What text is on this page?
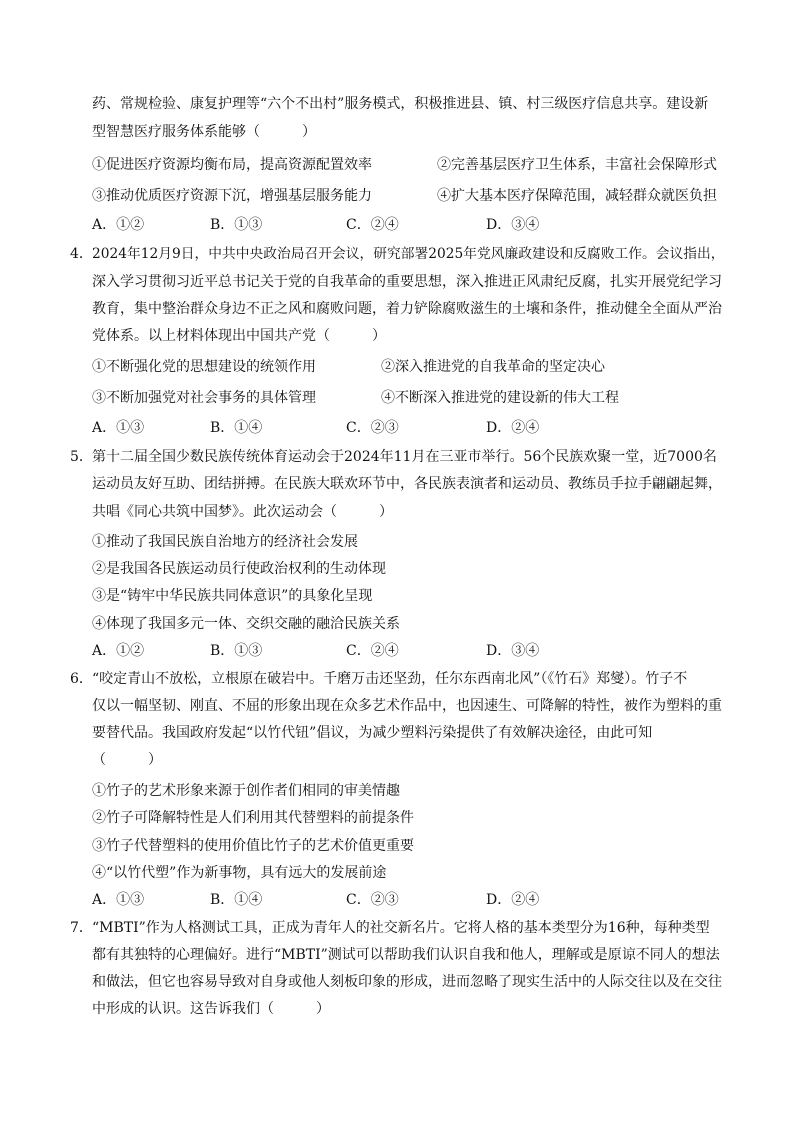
药、常规检验、康复护理等“六个不出村”服务模式，积极推进县、镇、村三级医疗信息共享。建设新
型智慧医疗服务体系能够（　　　）
①促进医疗资源均衡布局，提高资源配置效率	②完善基层医疗卫生体系，丰富社会保障形式
③推动优质医疗资源下沉，增强基层服务能力	④扩大基本医疗保障范围，减轻群众就医负担
A．①②	B．①③	C．②④	D．③④
4． 2024年12月9日，中共中央政治局召开会议，研究部署2025年党风廉政建设和反腐败工作。会议指出，
深入学习贯彻习近平总书记关于党的自我革命的重要思想，深入推进正风肃纪反腐，扎实开展党纪学习
教育，集中整治群众身边不正之风和腐败问题，着力铲除腐败滋生的土壤和条件，推动健全全面从严治
党体系。以上材料体现出中国共产党（　　　）
①不断强化党的思想建设的统领作用	②深入推进党的自我革命的坚定决心
③不断加强党对社会事务的具体管理	④不断深入推进党的建设新的伟大工程
A．①③	B．①④	C．②③	D．②④
5． 第十二届全国少数民族传统体育运动会于2024年11月在三亚市举行。56个民族欢聚一堂，近7000名
运动员友好互助、团结拼搏。在民族大联欢环节中，各民族表演者和运动员、教练员手拉手翩翩起舞，
共唱《同心共筑中国梦》。此次运动会（　　　）
①推动了我国民族自治地方的经济社会发展
②是我国各民族运动员行使政治权利的生动体现
③是“铸牢中华民族共同体意识”的具象化呈现
④体现了我国多元一体、交织交融的融洽民族关系
A．①②	B．①③	C．②④	D．③④
6． “咬定青山不放松，立根原在破岩中。千磨万击还坚劲，任尔东西南北风”（《竹石》郑燮）。竹子不
仅以一幅坚韧、刚直、不屈的形象出现在众多艺术作品中，也因速生、可降解的特性，被作为塑料的重
要替代品。我国政府发起“以竹代钮”倡议，为减少塑料污染提供了有效解决途径，由此可知
（　　　）
①竹子的艺术形象来源于创作者们相同的审美情趣
②竹子可降解特性是人们利用其代替塑料的前提条件
③竹子代替塑料的使用价值比竹子的艺术价值更重要
④“以竹代塑”作为新事物，具有远大的发展前途
A．①③	B．①④	C．②③	D．②④
7． “MBTI”作为人格测试工具，正成为青年人的社交新名片。它将人格的基本类型分为16种，每种类型
都有其独特的心理偏好。进行“MBTI”测试可以帮助我们认识自我和他人，理解或是原谅不同人的想法
和做法，但它也容易导致对自身或他人刻板印象的形成，进而忽略了现实生活中的人际交往以及在交往
中形成的认识。这告诉我们（　　　）
